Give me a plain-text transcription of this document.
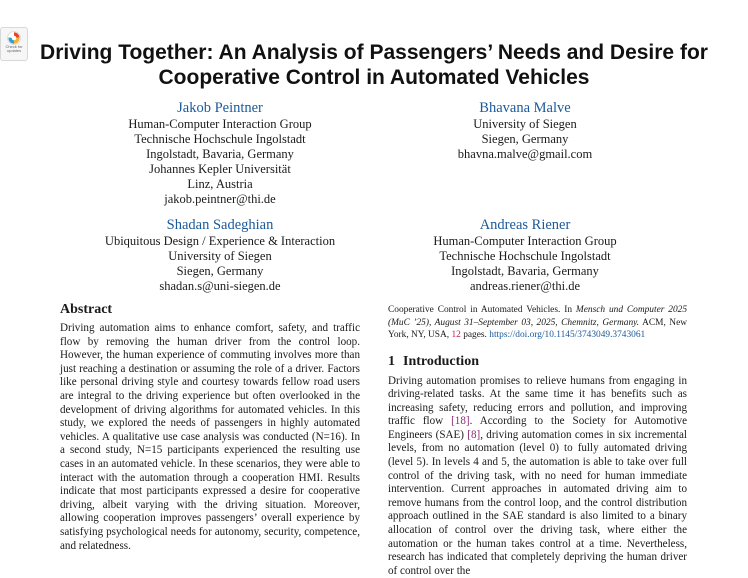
Check for updates Driving Together: An Analysis of Passengers’ Needs and Desire for Cooperative Control in Automated Vehicles
Jakob Peintner
Human-Computer Interaction Group
Technische Hochschule Ingolstadt
Ingolstadt, Bavaria, Germany
Johannes Kepler Universität
Linz, Austria
jakob.peintner@thi.de
Bhavana Malve
University of Siegen
Siegen, Germany
bhavna.malve@gmail.com
Shadan Sadeghian
Ubiquitous Design / Experience & Interaction
University of Siegen
Siegen, Germany
shadan.s@uni-siegen.de
Andreas Riener
Human-Computer Interaction Group
Technische Hochschule Ingolstadt
Ingolstadt, Bavaria, Germany
andreas.riener@thi.de
Abstract

Driving automation aims to enhance comfort, safety, and traffic flow by removing the human driver from the control loop. However, the human experience of commuting involves more than just reaching a destination or assuming the role of a driver. Factors like personal driving style and courtesy towards fellow road users are integral to the driving experience but often overlooked in the development of driving algorithms for automated vehicles. In this study, we explored the needs of passengers in highly automated vehicles. A qualitative use case analysis was conducted (N=16). In a second study, N=15 participants experienced the resulting use cases in an automated vehicle. In these scenarios, they were able to interact with the automation through a cooperation HMI. Results indicate that most participants expressed a desire for cooperative driving, albeit varying with the driving situation. Moreover, allowing cooperation improves passengers’ overall experience by satisfying psychological needs for autonomy, security, competence, and relatedness.

Cooperative Control in Automated Vehicles. In Mensch und Computer 2025 (MuC ’25), August 31–September 03, 2025, Chemnitz, Germany. ACM, New York, NY, USA, 12 pages. https://doi.org/10.1145/3743049.3743061

1 Introduction

Driving automation promises to relieve humans from engaging in driving-related tasks. At the same time it has benefits such as increasing safety, reducing errors and pollution, and improving traffic flow [18]. According to the Society for Automotive Engineers (SAE) [8], driving automation comes in six incremental levels, from no automation (level 0) to fully automated driving (level 5). In levels 4 and 5, the automation is able to take over full control of the driving task, with no need for human immediate intervention. Current approaches in automated driving aim to remove humans from the control loop, and the control distribution approach outlined in the SAE standard is also limited to a binary allocation of control over the driving task, where either the automation or the human takes control at a time. Nevertheless, research has indicated that completely depriving the human driver of control over the
